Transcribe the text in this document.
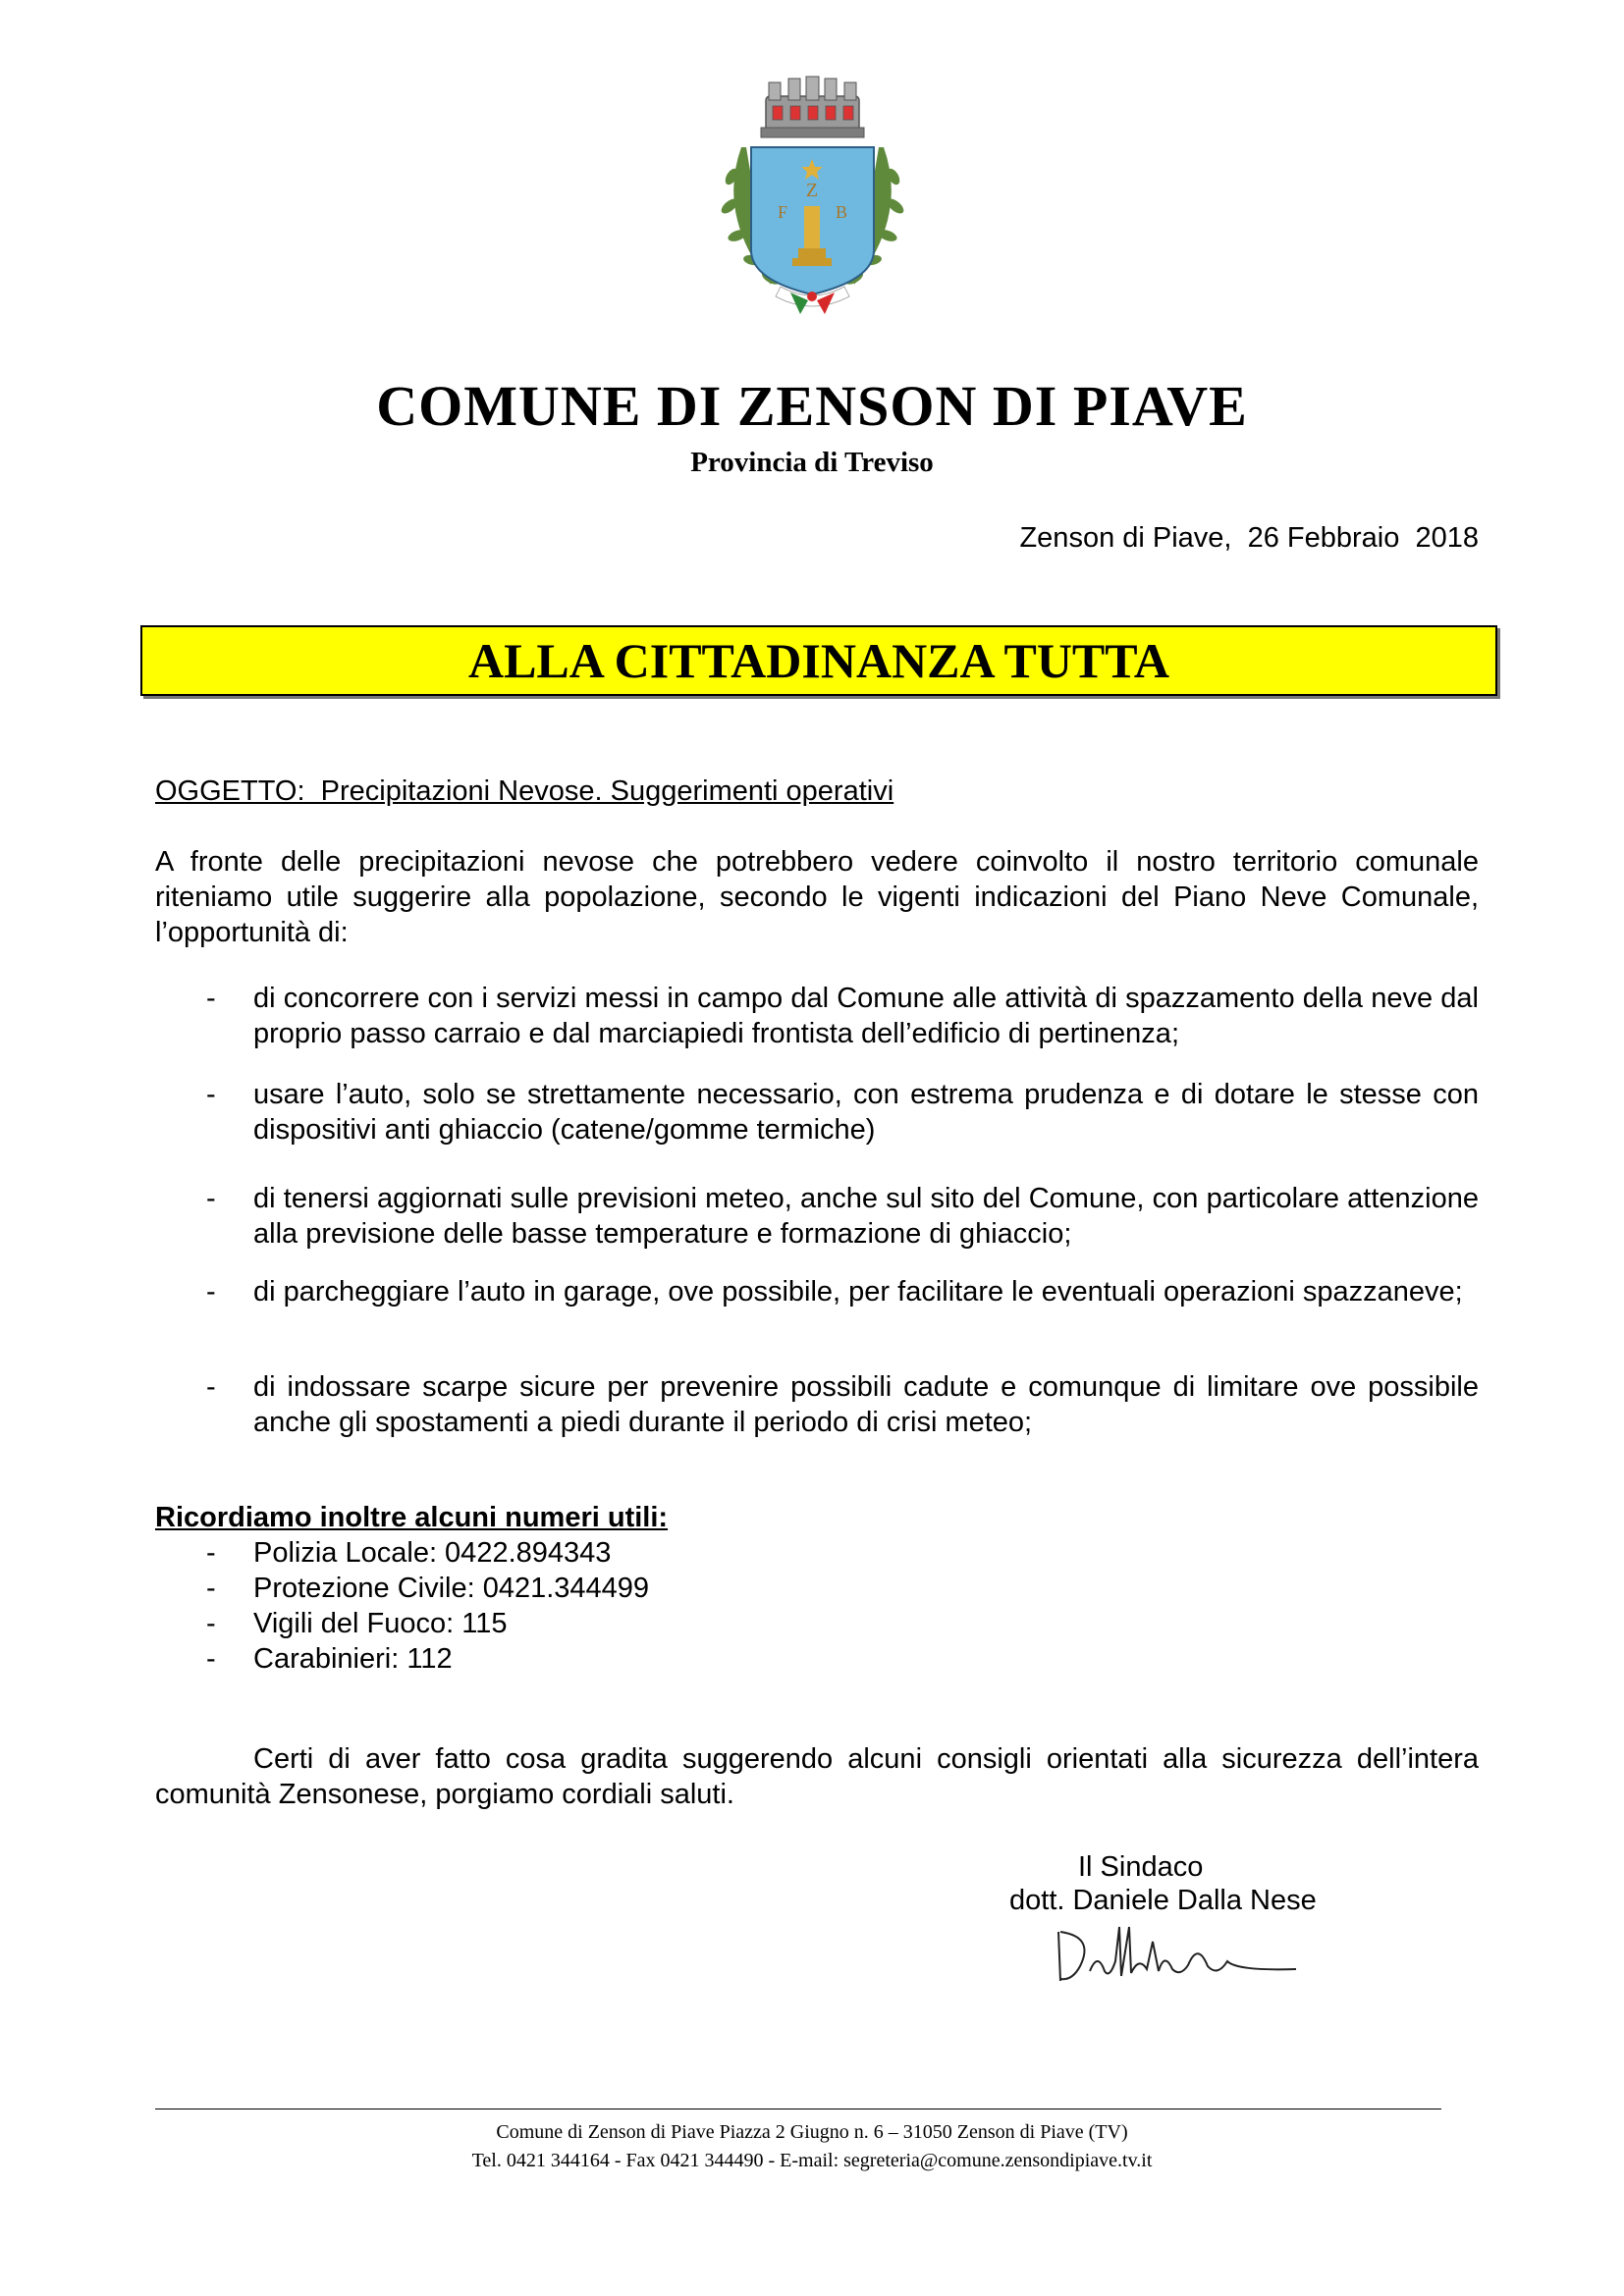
Z
F	B
COMUNE DI ZENSON DI PIAVE
Provincia di Treviso
Zenson di Piave,  26 Febbraio  2018
ALLA CITTADINANZA TUTTA
OGGETTO:  Precipitazioni Nevose. Suggerimenti operativi
A fronte delle precipitazioni nevose che potrebbero vedere coinvolto il nostro territorio comunale riteniamo utile suggerire alla popolazione, secondo le vigenti indicazioni del Piano Neve Comunale, l’opportunità di:
- di concorrere con i servizi messi in campo dal Comune alle attività di spazzamento della neve dal proprio passo carraio e dal marciapiedi frontista dell’edificio di pertinenza;
- usare l’auto, solo se strettamente necessario, con estrema prudenza e di dotare le stesse con dispositivi anti ghiaccio (catene/gomme termiche)
- di tenersi aggiornati sulle previsioni meteo, anche sul sito del Comune, con particolare attenzione alla previsione delle basse temperature e formazione di ghiaccio;
- di parcheggiare l’auto in garage, ove possibile, per facilitare le eventuali operazioni spazzaneve;
- di indossare scarpe sicure per prevenire possibili cadute e comunque di limitare ove possibile anche gli spostamenti a piedi durante il periodo di crisi meteo;
Ricordiamo inoltre alcuni numeri utili:
- Polizia Locale: 0422.894343
- Protezione Civile: 0421.344499
- Vigili del Fuoco: 115
- Carabinieri: 112
Certi di aver fatto cosa gradita suggerendo alcuni consigli orientati alla sicurezza dell’intera comunità Zensonese, porgiamo cordiali saluti.
Il Sindaco
dott. Daniele Dalla Nese
Comune di Zenson di Piave Piazza 2 Giugno n. 6 – 31050 Zenson di Piave (TV)
Tel. 0421 344164 - Fax 0421 344490 - E-mail: segreteria@comune.zensondipiave.tv.it
